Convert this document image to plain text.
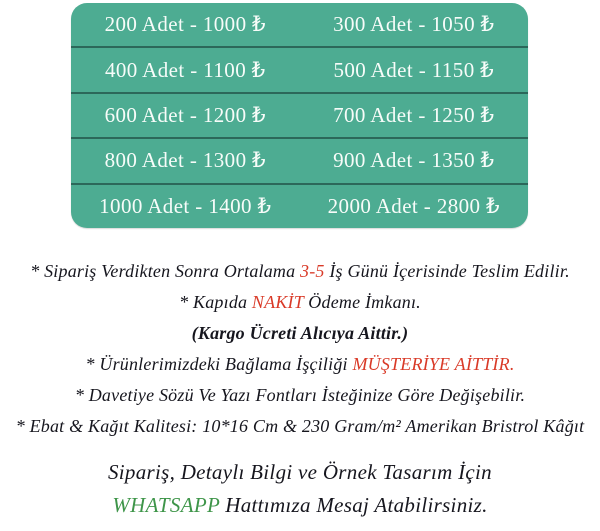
200 Adet - 1000 ₺	300 Adet - 1050 ₺
400 Adet - 1100 ₺	500 Adet - 1150 ₺
600 Adet - 1200 ₺	700 Adet - 1250 ₺
800 Adet - 1300 ₺	900 Adet - 1350 ₺
1000 Adet - 1400 ₺	2000 Adet - 2800 ₺
* Sipariş Verdikten Sonra Ortalama 3-5 İş Günü İçerisinde Teslim Edilir.
* Kapıda NAKİT Ödeme İmkanı.
(Kargo Ücreti Alıcıya Aittir.)
* Ürünlerimizdeki Bağlama İşçiliği MÜŞTERİYE AİTTİR.
* Davetiye Sözü Ve Yazı Fontları İsteğinize Göre Değişebilir.
* Ebat & Kağıt Kalitesi: 10*16 Cm & 230 Gram/m² Amerikan Bristrol Kâğıt
Sipariş, Detaylı Bilgi ve Örnek Tasarım İçin
WHATSAPP Hattımıza Mesaj Atabilirsiniz.
